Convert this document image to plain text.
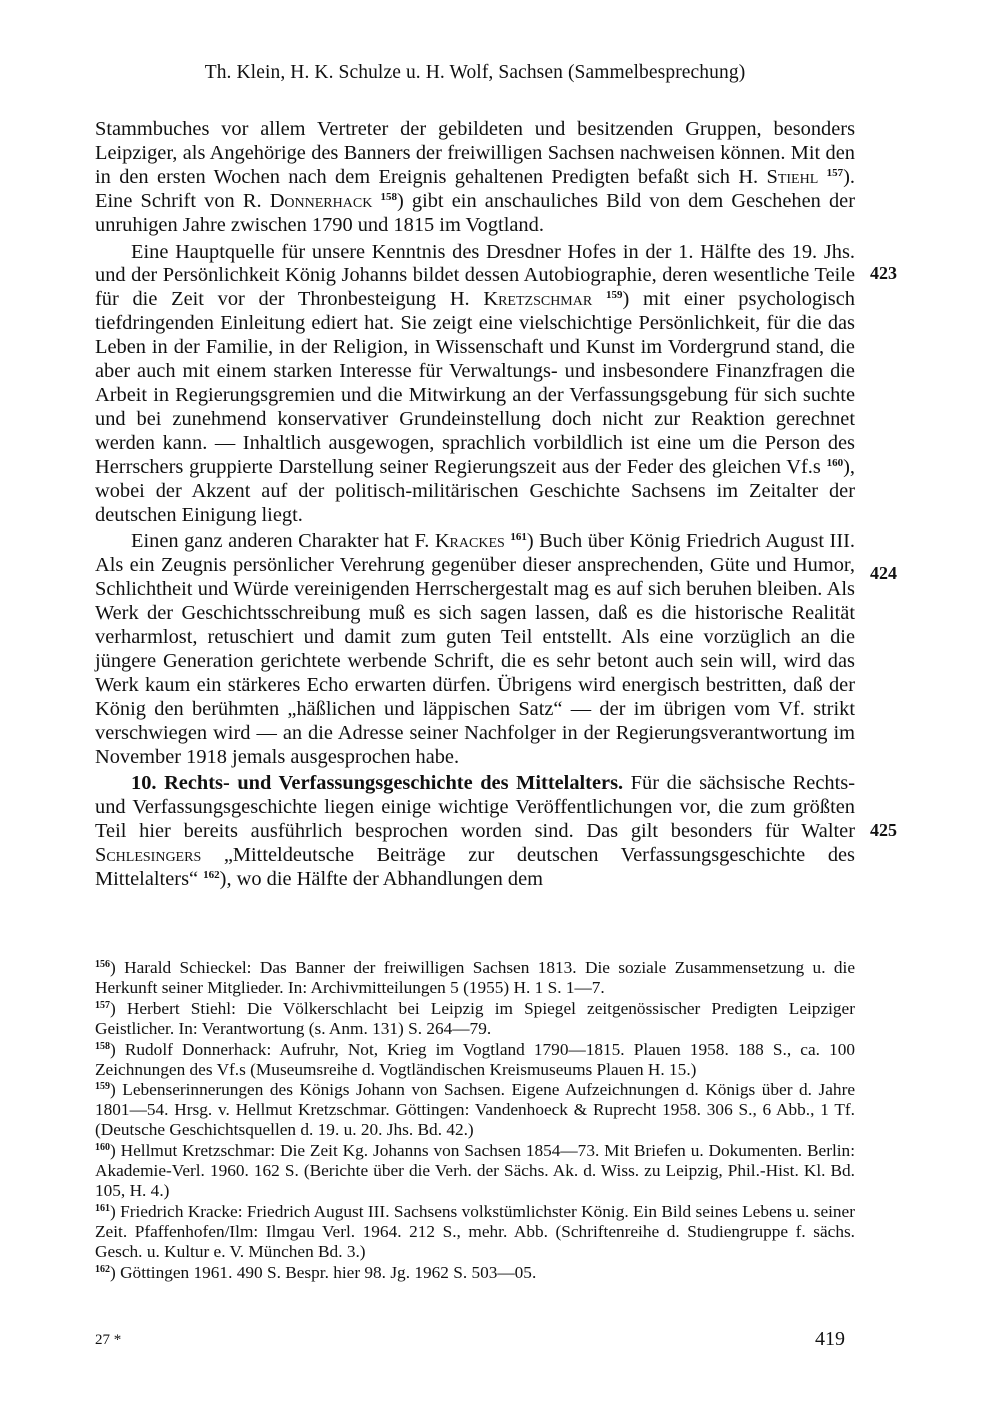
Th. Klein, H. K. Schulze u. H. Wolf, Sachsen (Sammelbesprechung)

Stammbuches vor allem Vertreter der gebildeten und besitzenden Gruppen, besonders Leipziger, als Angehörige des Banners der freiwilligen Sachsen nachweisen können. Mit den in den ersten Wochen nach dem Ereignis gehaltenen Predigten befaßt sich H. Stiehl $^{157}$). Eine Schrift von R. Donnerhack $^{158}$) gibt ein anschauliches Bild von dem Geschehen der unruhigen Jahre zwischen 1790 und 1815 im Vogtland.

Eine Hauptquelle für unsere Kenntnis des Dresdner Hofes in der 1. Hälfte des 19. Jhs. und der Persönlichkeit König Johanns bildet dessen Autobiographie, deren wesentliche Teile für die Zeit vor der Thronbesteigung H. Kretzschmar $^{159}$) mit einer psychologisch tiefdringenden Einleitung ediert hat. Sie zeigt eine vielschichtige Persönlichkeit, für die das Leben in der Familie, in der Religion, in Wissenschaft und Kunst im Vordergrund stand, die aber auch mit einem starken Interesse für Verwaltungs- und insbesondere Finanzfragen die Arbeit in Regierungsgremien und die Mitwirkung an der Verfassungsgebung für sich suchte und bei zunehmend konservativer Grundeinstellung doch nicht zur Reaktion gerechnet werden kann. — Inhaltlich ausgewogen, sprachlich vorbildlich ist eine um die Person des Herrschers gruppierte Darstellung seiner Regierungszeit aus der Feder des gleichen Vf.s $^{160}$), wobei der Akzent auf der politisch-militärischen Geschichte Sachsens im Zeitalter der deutschen Einigung liegt.

Einen ganz anderen Charakter hat F. Krackes $^{161}$) Buch über König Friedrich August III. Als ein Zeugnis persönlicher Verehrung gegenüber dieser ansprechenden, Güte und Humor, Schlichtheit und Würde vereinigenden Herrschergestalt mag es auf sich beruhen bleiben. Als Werk der Geschichtsschreibung muß es sich sagen lassen, daß es die historische Realität verharmlost, retuschiert und damit zum guten Teil entstellt. Als eine vorzüglich an die jüngere Generation gerichtete werbende Schrift, die es sehr betont auch sein will, wird das Werk kaum ein stärkeres Echo erwarten dürfen. Übrigens wird energisch bestritten, daß der König den berühmten „häßlichen und läppischen Satz“ — der im übrigen vom Vf. strikt verschwiegen wird — an die Adresse seiner Nachfolger in der Regierungsverantwortung im November 1918 jemals ausgesprochen habe.

10. Rechts- und Verfassungsgeschichte des Mittelalters. Für die sächsische Rechts- und Verfassungsgeschichte liegen einige wichtige Veröffentlichungen vor, die zum größten Teil hier bereits ausführlich besprochen worden sind. Das gilt besonders für Walter Schlesingers „Mitteldeutsche Beiträge zur deutschen Verfassungsgeschichte des Mittelalters“ $^{162}$), wo die Hälfte der Abhandlungen dem

423
424
425

$^{156}$) Harald Schieckel: Das Banner der freiwilligen Sachsen 1813. Die soziale Zusammensetzung u. die Herkunft seiner Mitglieder. In: Archivmitteilungen 5 (1955) H. 1 S. 1—7.

$^{157}$) Herbert Stiehl: Die Völkerschlacht bei Leipzig im Spiegel zeitgenössischer Predigten Leipziger Geistlicher. In: Verantwortung (s. Anm. 131) S. 264—79.

$^{158}$) Rudolf Donnerhack: Aufruhr, Not, Krieg im Vogtland 1790—1815. Plauen 1958. 188 S., ca. 100 Zeichnungen des Vf.s (Museumsreihe d. Vogtländischen Kreismuseums Plauen H. 15.)

$^{159}$) Lebenserinnerungen des Königs Johann von Sachsen. Eigene Aufzeichnungen d. Königs über d. Jahre 1801—54. Hrsg. v. Hellmut Kretzschmar. Göttingen: Vandenhoeck & Ruprecht 1958. 306 S., 6 Abb., 1 Tf. (Deutsche Geschichtsquellen d. 19. u. 20. Jhs. Bd. 42.)

$^{160}$) Hellmut Kretzschmar: Die Zeit Kg. Johanns von Sachsen 1854—73. Mit Briefen u. Dokumenten. Berlin: Akademie-Verl. 1960. 162 S. (Berichte über die Verh. der Sächs. Ak. d. Wiss. zu Leipzig, Phil.-Hist. Kl. Bd. 105, H. 4.)

$^{161}$) Friedrich Kracke: Friedrich August III. Sachsens volkstümlichster König. Ein Bild seines Lebens u. seiner Zeit. Pfaffenhofen/Ilm: Ilmgau Verl. 1964. 212 S., mehr. Abb. (Schriftenreihe d. Studiengruppe f. sächs. Gesch. u. Kultur e. V. München Bd. 3.)

$^{162}$) Göttingen 1961. 490 S. Bespr. hier 98. Jg. 1962 S. 503—05.

27 *	419
